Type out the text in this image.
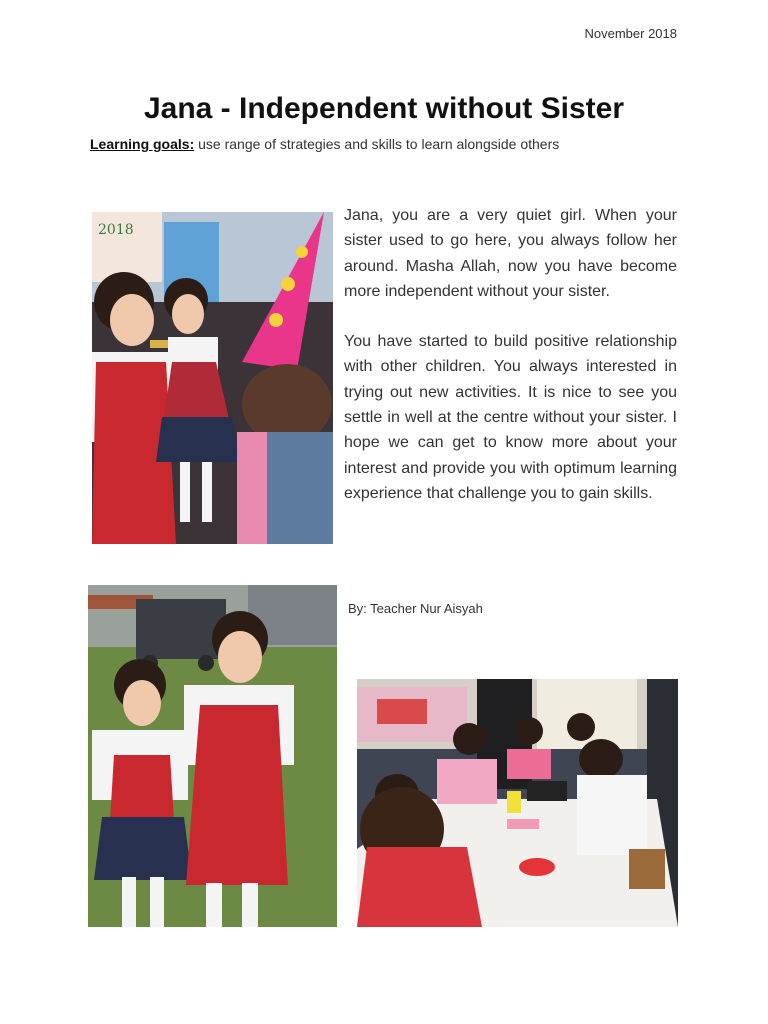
November 2018
Jana - Independent without Sister
Learning goals: use range of strategies and skills to learn alongside others

Jana, you are a very quiet girl. When your sister used to go here, you always follow her around. Masha Allah, now you have become more independent without your sister.

You have started to build positive relationship with other children. You always interested in trying out new activities. It is nice to see you settle in well at the centre without your sister. I hope we can get to know more about your interest and provide you with optimum learning experience that challenge you to gain skills.

By: Teacher Nur Aisyah
2018
